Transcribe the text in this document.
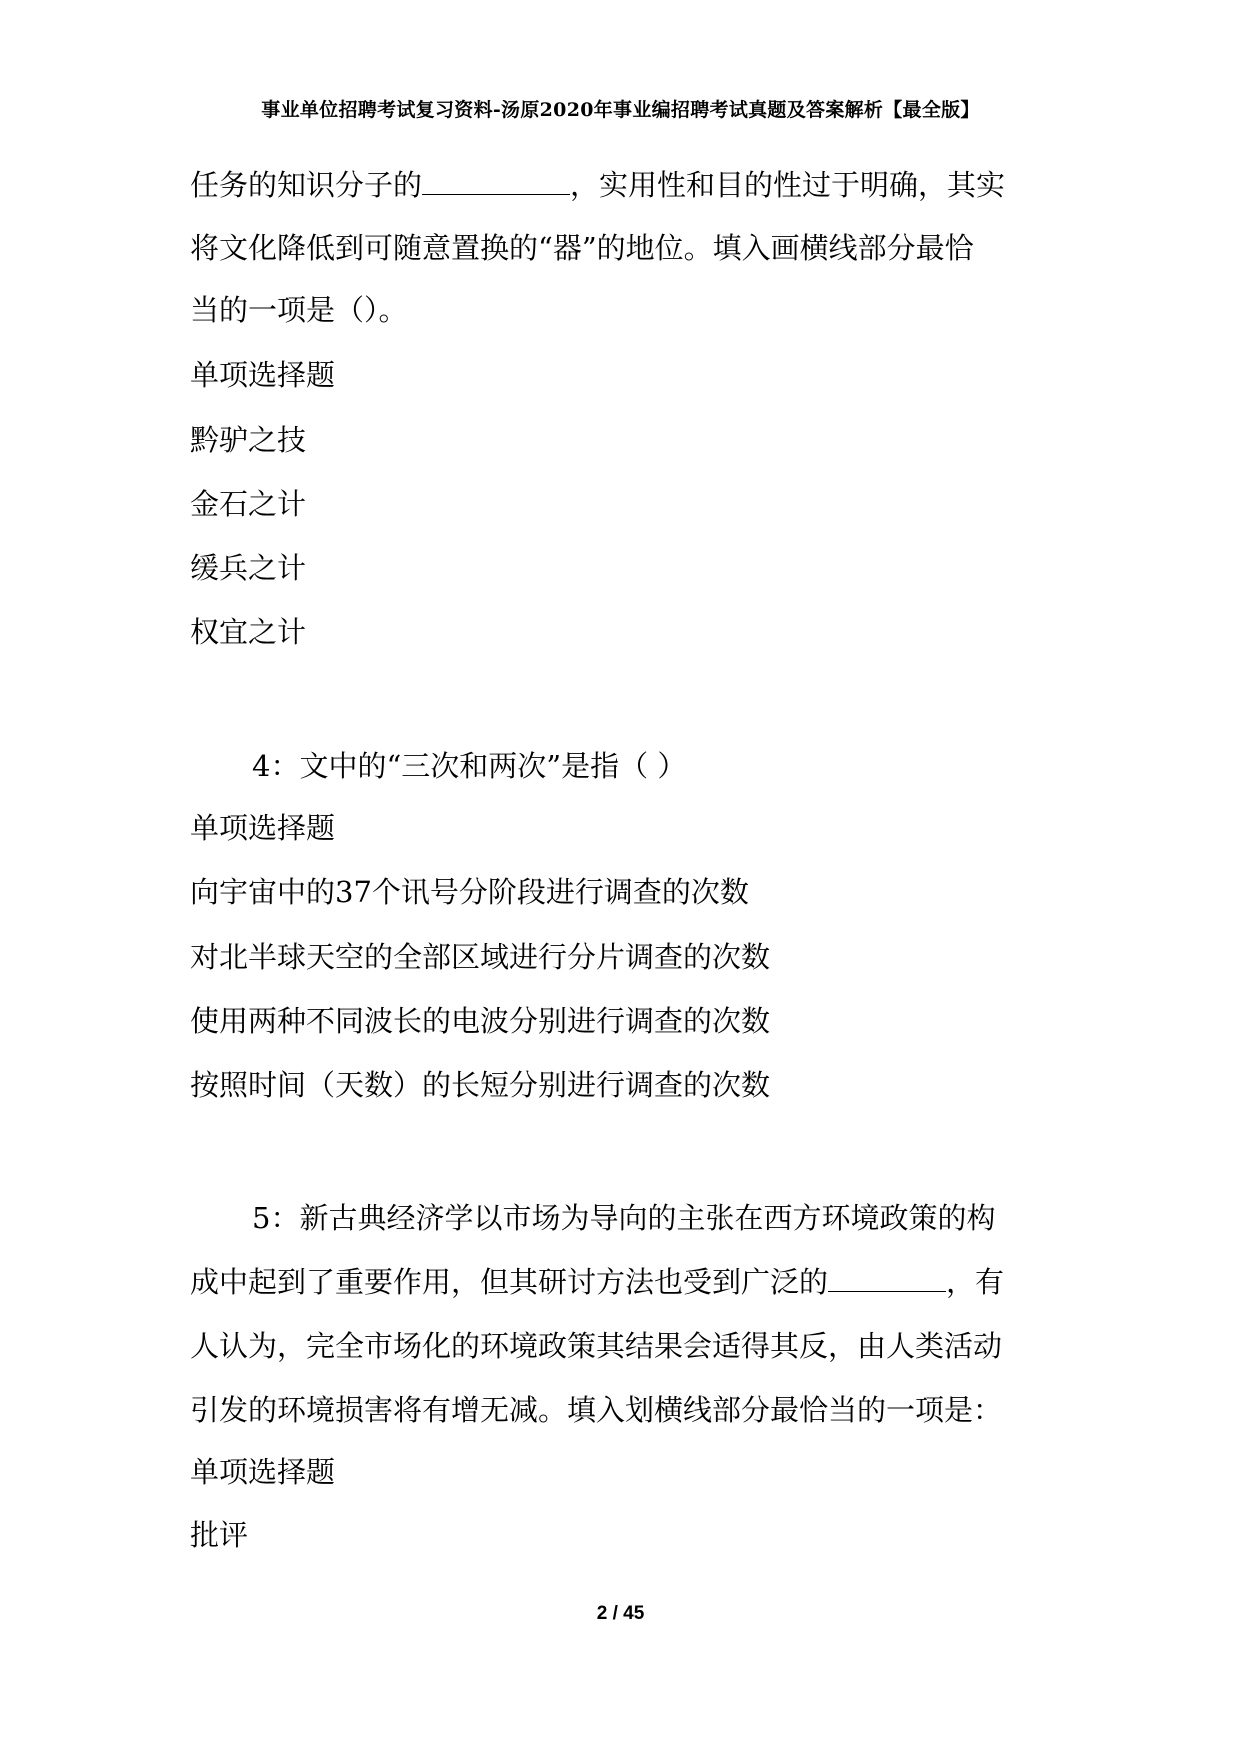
事业单位招聘考试复习资料-汤原2020年事业编招聘考试真题及答案解析【最全版】
任务的知识分子的	，实用性和目的性过于明确，其实
将文化降低到可随意置换的“器”的地位。填入画横线部分最恰
当的一项是（）。
单项选择题
黔驴之技
金石之计
缓兵之计
权宜之计
4：文中的“三次和两次”是指（ ）
单项选择题
向宇宙中的37个讯号分阶段进行调查的次数
对北半球天空的全部区域进行分片调查的次数
使用两种不同波长的电波分别进行调查的次数
按照时间（天数）的长短分别进行调查的次数
5：新古典经济学以市场为导向的主张在西方环境政策的构
成中起到了重要作用，但其研讨方法也受到广泛的	，有
人认为，完全市场化的环境政策其结果会适得其反，由人类活动
引发的环境损害将有增无减。填入划横线部分最恰当的一项是：
单项选择题
批评
2 / 45
